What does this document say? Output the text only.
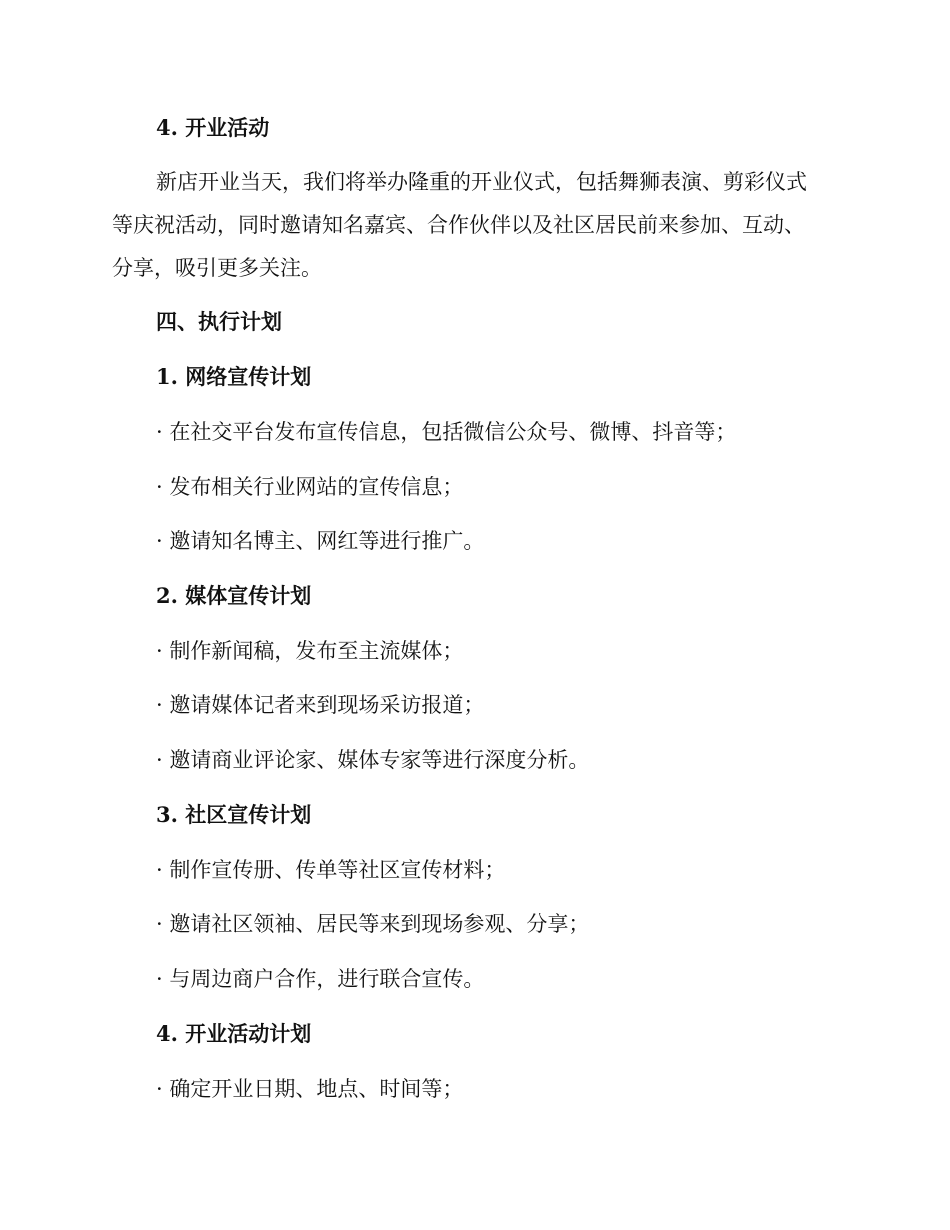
4. 开业活动
新店开业当天，我们将举办隆重的开业仪式，包括舞狮表演、剪彩仪式
等庆祝活动，同时邀请知名嘉宾、合作伙伴以及社区居民前来参加、互动、
分享，吸引更多关注。
四、执行计划
1. 网络宣传计划
· 在社交平台发布宣传信息，包括微信公众号、微博、抖音等；
· 发布相关行业网站的宣传信息；
· 邀请知名博主、网红等进行推广。
2. 媒体宣传计划
· 制作新闻稿，发布至主流媒体；
· 邀请媒体记者来到现场采访报道；
· 邀请商业评论家、媒体专家等进行深度分析。
3. 社区宣传计划
· 制作宣传册、传单等社区宣传材料；
· 邀请社区领袖、居民等来到现场参观、分享；
· 与周边商户合作，进行联合宣传。
4. 开业活动计划
· 确定开业日期、地点、时间等；
